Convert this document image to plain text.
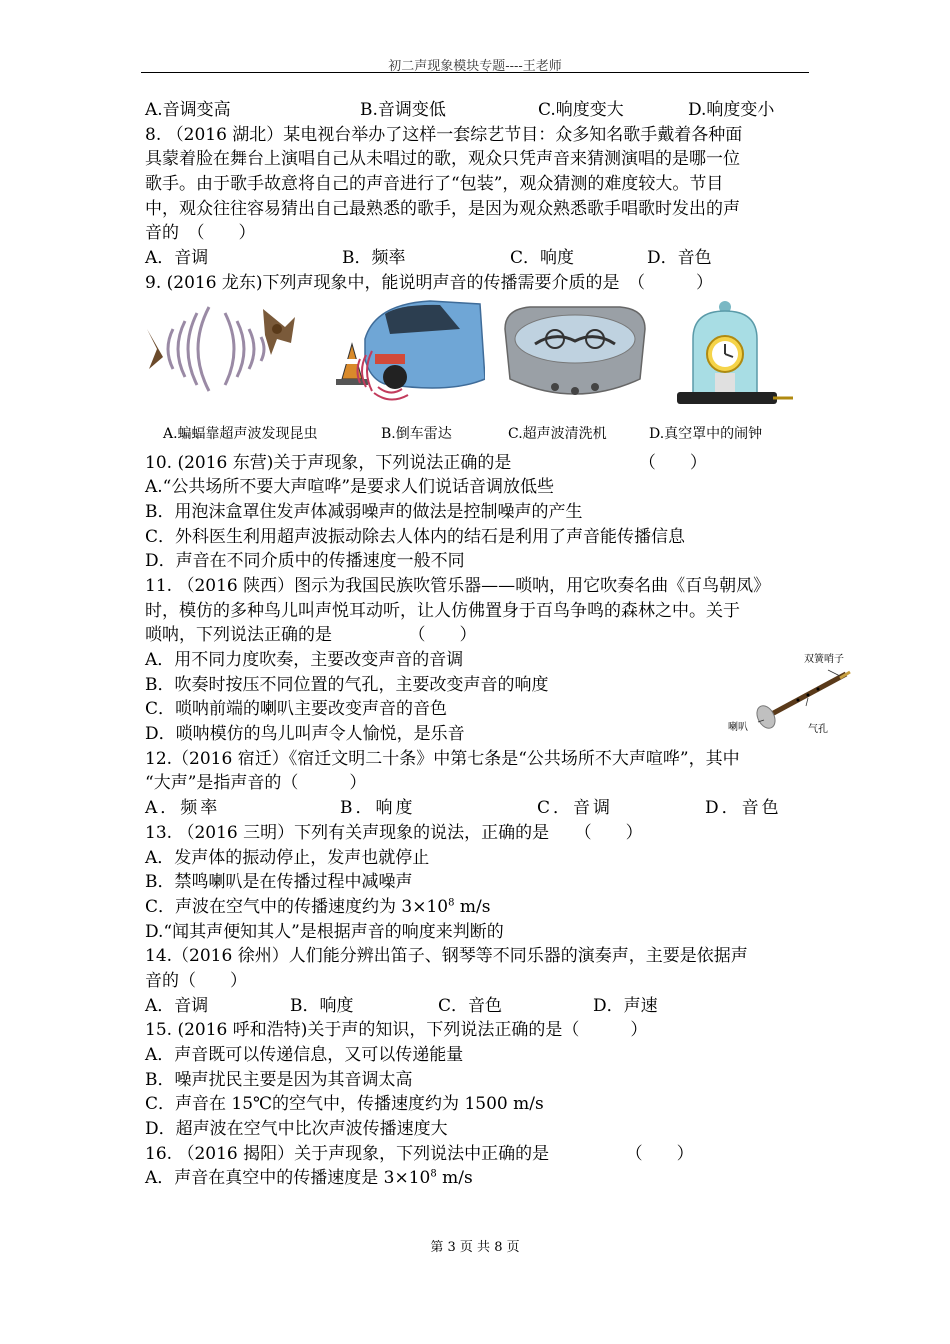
初二声现象模块专题----王老师
A.音调变高	B.音调变低	C.响度变大	D.响度变小
8. （2016 湖北）某电视台举办了这样一套综艺节目：众多知名歌手戴着各种面
具蒙着脸在舞台上演唱自己从未唱过的歌，观众只凭声音来猜测演唱的是哪一位
歌手。由于歌手故意将自己的声音进行了“包装”，观众猜测的难度较大。节目
中，观众往往容易猜出自己最熟悉的歌手，是因为观众熟悉歌手唱歌时发出的声
音的　（　　）
A．音调	B．频率	C．响度	D．音色
9. (2016 龙东)下列声现象中，能说明声音的传播需要介质的是　（　　　）
A.蝙蝠靠超声波发现昆虫	B.倒车雷达	C.超声波清洗机	D.真空罩中的闹钟
10. (2016 东营)关于声现象，下列说法正确的是　　　　　　　　（　　）
A.“公共场所不要大声喧哗”是要求人们说话音调放低些
B．用泡沫盒罩住发声体减弱噪声的做法是控制噪声的产生
C．外科医生利用超声波振动除去人体内的结石是利用了声音能传播信息
D．声音在不同介质中的传播速度一般不同
11. （2016 陕西）图示为我国民族吹管乐器——唢呐，用它吹奏名曲《百鸟朝凤》
时，模仿的多种鸟儿叫声悦耳动听，让人仿佛置身于百鸟争鸣的森林之中。关于
唢呐，下列说法正确的是　　　　　（　　）
A．用不同力度吹奏，主要改变声音的音调
B．吹奏时按压不同位置的气孔，主要改变声音的响度
C．唢呐前端的喇叭主要改变声音的音色
D．唢呐模仿的鸟儿叫声令人愉悦，是乐音
12.（2016 宿迁）《宿迁文明二十条》中第七条是“公共场所不大声喧哗”，其中
“大声”是指声音的（　　　）
A．频率	B．响度	C．音调	D．音色
13. （2016 三明）下列有关声现象的说法，正确的是　　（　　）
A．发声体的振动停止，发声也就停止
B．禁鸣喇叭是在传播过程中减噪声
C．声波在空气中的传播速度约为 $3\times 10^8$ m/s
D.“闻其声便知其人”是根据声音的响度来判断的
14.（2016 徐州）人们能分辨出笛子、钢琴等不同乐器的演奏声，主要是依据声
音的（　　）
A．音调	B．响度	C．音色	D．声速
15. (2016 呼和浩特)关于声的知识，下列说法正确的是（　　　）
A．声音既可以传递信息，又可以传递能量
B．噪声扰民主要是因为其音调太高
C．声音在 15℃的空气中，传播速度约为 1500 m/s
D．超声波在空气中比次声波传播速度大
16. （2016 揭阳）关于声现象，下列说法中正确的是　　　　　（　　）
A．声音在真空中的传播速度是 $3\times 10^8$ m/s
双簧哨子
喇叭	气孔
第 3 页 共 8 页
